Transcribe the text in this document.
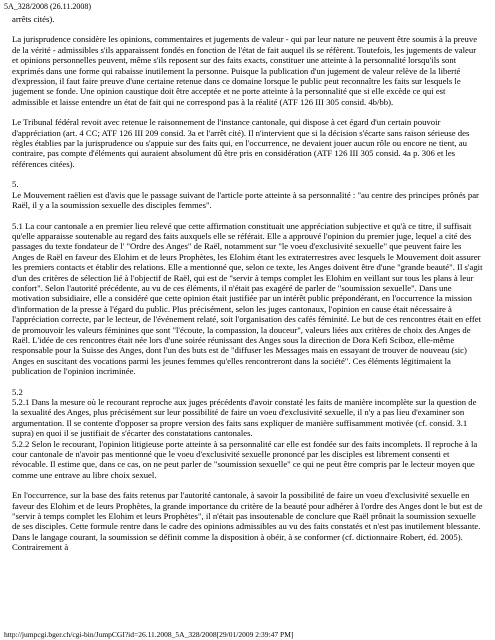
5A_328/2008 (26.11.2008)

arrêts cités).

La jurisprudence considère les opinions, commentaires et jugements de valeur - qui par leur nature ne peuvent être soumis à la preuve de la vérité - admissibles s'ils apparaissent fondés en fonction de l'état de fait auquel ils se réfèrent. Toutefois, les jugements de valeur et opinions personnelles peuvent, même s'ils reposent sur des faits exacts, constituer une atteinte à la personnalité lorsqu'ils sont exprimés dans une forme qui rabaisse inutilement la personne. Puisque la publication d'un jugement de valeur relève de la liberté d'expression, il faut faire preuve d'une certaine retenue dans ce domaine lorsque le public peut reconnaître les faits sur lesquels le jugement se fonde. Une opinion caustique doit être acceptée et ne porte atteinte à la personnalité que si elle excède ce qui est admissible et laisse entendre un état de fait qui ne correspond pas à la réalité (ATF 126 III 305 consid. 4b/bb).

Le Tribunal fédéral revoit avec retenue le raisonnement de l'instance cantonale, qui dispose à cet égard d'un certain pouvoir d'appréciation (art. 4 CC; ATF 126 III 209 consid. 3a et l'arrêt cité). Il n'intervient que si la décision s'écarte sans raison sérieuse des règles établies par la jurisprudence ou s'appuie sur des faits qui, en l'occurrence, ne devaient jouer aucun rôle ou encore ne tient, au contraire, pas compte d'éléments qui auraient absolument dû être pris en considération (ATF 126 III 305 consid. 4a p. 306 et les références citées).

5.
Le Mouvement raëlien est d'avis que le passage suivant de l'article porte atteinte à sa personnalité : "au centre des principes prônés par Raël, il y a la soumission sexuelle des disciples femmes".

5.1 La cour cantonale a en premier lieu relevé que cette affirmation constituait une appréciation subjective et qu'à ce titre, il suffisait qu'elle apparaisse soutenable au regard des faits auxquels elle se référait. Elle a approuvé l'opinion du premier juge, lequel a cité des passages du texte fondateur de l' "Ordre des Anges" de Raël, notamment sur "le voeu d'exclusivité sexuelle" que peuvent faire les Anges de Raël en faveur des Elohim et de leurs Prophètes, les Elohim étant les extraterrestres avec lesquels le Mouvement doit assurer les premiers contacts et établir des relations. Elle a mentionné que, selon ce texte, les Anges doivent être d'une "grande beauté". Il s'agit d'un des critères de sélection lié à l'objectif de Raël, qui est de "servir à temps complet les Elohim en veillant sur tous les plans à leur confort". Selon l'autorité précédente, au vu de ces éléments, il n'était pas exagéré de parler de "soumission sexuelle". Dans une motivation subsidiaire, elle a considéré que cette opinion était justifiée par un intérêt public prépondérant, en l'occurrence la mission d'information de la presse à l'égard du public. Plus précisément, selon les juges cantonaux, l'opinion en cause était nécessaire à l'appréciation correcte, par le lecteur, de l'événement relaté, soit l'organisation des cafés féminité. Le but de ces rencontres était en effet de promouvoir les valeurs féminines que sont "l'écoute, la compassion, la douceur", valeurs liées aux critères de choix des Anges de Raël. L'idée de ces rencontres était née lors d'une soirée réunissant des Anges sous la direction de Dora Kefi Sciboz, elle-même responsable pour la Suisse des Anges, dont l'un des buts est de "diffuser les Messages mais en essayant de trouver de nouveau (sic) Anges en suscitant des vocations parmi les jeunes femmes qu'elles rencontreront dans la société". Ces éléments légitimaient la publication de l'opinion incriminée.

5.2
5.2.1 Dans la mesure où le recourant reproche aux juges précédents d'avoir constaté les faits de manière incomplète sur la question de la sexualité des Anges, plus précisément sur leur possibilité de faire un voeu d'exclusivité sexuelle, il n'y a pas lieu d'examiner son argumentation. Il se contente d'opposer sa propre version des faits sans expliquer de manière suffisamment motivée (cf. consid. 3.1 supra) en quoi il se justifiait de s'écarter des constatations cantonales.
5.2.2 Selon le recourant, l'opinion litigieuse porte atteinte à sa personnalité car elle est fondée sur des faits incomplets. Il reproche à la cour cantonale de n'avoir pas mentionné que le voeu d'exclusivité sexuelle prononcé par les disciples est librement consenti et révocable. Il estime que, dans ce cas, on ne peut parler de "soumission sexuelle" ce qui ne peut être compris par le lecteur moyen que comme une entrave au libre choix sexuel.

En l'occurrence, sur la base des faits retenus par l'autorité cantonale, à savoir la possibilité de faire un voeu d'exclusivité sexuelle en faveur des Elohim et de leurs Prophètes, la grande importance du critère de la beauté pour adhérer à l'ordre des Anges dont le but est de "servir à temps complet les Elohim et leurs Prophètes", il n'était pas insoutenable de conclure que Raël prônait la soumission sexuelle de ses disciples. Cette formule rentre dans le cadre des opinions admissibles au vu des faits constatés et n'est pas inutilement blessante. Dans le langage courant, la soumission se définit comme la disposition à obéir, à se conformer (cf. dictionnaire Robert, éd. 2005). Contrairement à

http://jumpcgi.bger.ch/cgi-bin/JumpCGI?id=26.11.2008_5A_328/2008[29/01/2009 2:39:47 PM]
